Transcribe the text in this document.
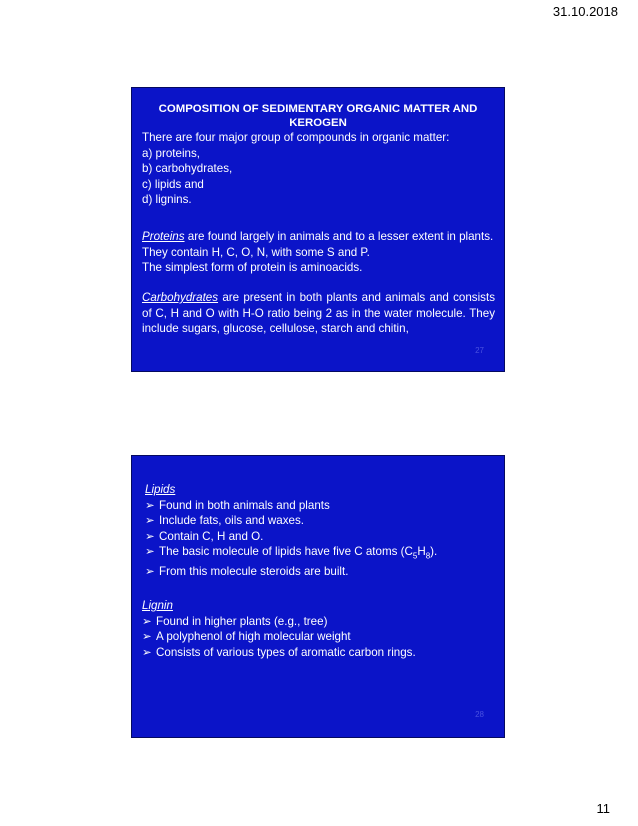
31.10.2018
COMPOSITION OF SEDIMENTARY ORGANIC MATTER AND KEROGEN

There are four major group of compounds in organic matter:

a) proteins,

b) carbohydrates,

c) lipids and

d) lignins.

Proteins are found largely in animals and to a lesser extent in plants. They contain H, C, O, N, with some S and P.

The simplest form of protein is aminoacids.

Carbohydrates are present in both plants and animals and consists of C, H and O with H-O ratio being 2 as in the water molecule. They include sugars, glucose, cellulose, starch and chitin,

27

Lipids

➢ Found in both animals and plants
➢ Include fats, oils and waxes.
➢ Contain C, H and O.
➢ The basic molecule of lipids have five C atoms $(C_5H_8)$.
➢ From this molecule steroids are built.

Lignin

➢ Found in higher plants (e.g., tree)
➢ A polyphenol of high molecular weight
➢ Consists of various types of aromatic carbon rings.
28
11
